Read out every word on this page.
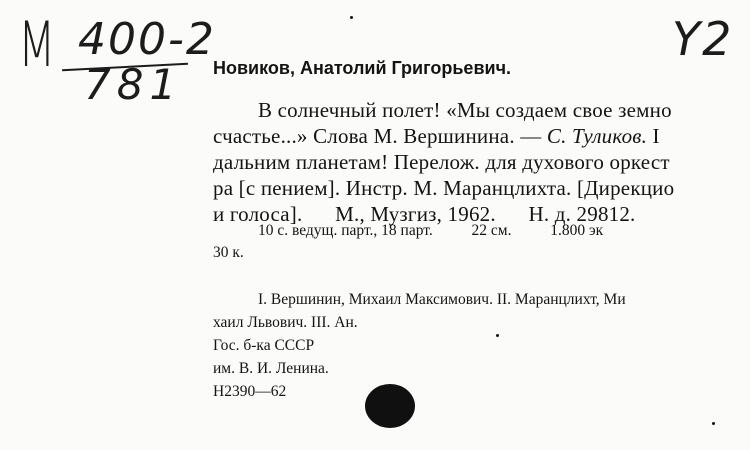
M 400-2
781
Y2
Новиков, Анатолий Григорьевич.
В солнечный полет! «Мы создаем свое земно
счастье...» Слова М. Вершинина. — С. Туликов. I
дальним планетам! Перелож. для духового оркест
ра [с пением]. Инстр. М. Маранцлихта. [Дирекцио
и голоса].      М., Музгиз, 1962.      Н. д. 29812.
10 с. ведущ. парт., 18 парт.          22 см.          1.800 эк
30 к.
I. Вершинин, Михаил Максимович. II. Маранцлихт, Ми
хаил Львович. III. Ан.
Гос. б-ка СССР
им. В. И. Ленина.
Н2390—62
